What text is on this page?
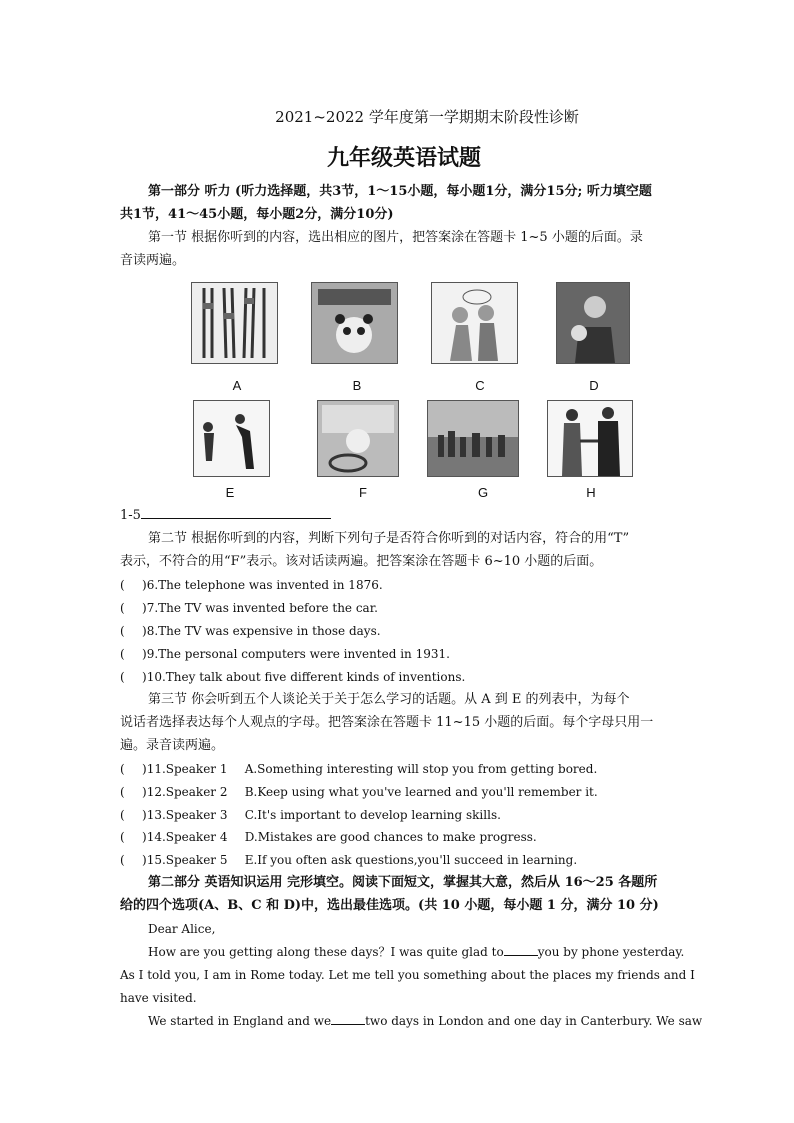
2021~2022 学年度第一学期期末阶段性诊断
九年级英语试题
第一部分 听力 (听力选择题，共3节，1～15小题，每小题1分，满分15分; 听力填空题
共1节，41～45小题，每小题2分，满分10分)
第一节 根据你听到的内容，选出相应的图片，把答案涂在答题卡 1~5 小题的后面。录
音读两遍。
A	B	C	D
E	F	G	H
1-5
第二节 根据你听到的内容，判断下列句子是否符合你听到的对话内容，符合的用“T”
表示，不符合的用“F”表示。该对话读两遍。把答案涂在答题卡 6~10 小题的后面。
( )6.The telephone was invented in 1876.
( )7.The TV was invented before the car.
( )8.The TV was expensive in those days.
( )9.The personal computers were invented in 1931.
( )10.They talk about five different kinds of inventions.
第三节 你会听到五个人谈论关于关于怎么学习的话题。从 A 到 E 的列表中，为每个
说话者选择表达每个人观点的字母。把答案涂在答题卡 11~15 小题的后面。每个字母只用一
遍。录音读两遍。
( )11.Speaker 1 A.Something interesting will stop you from getting bored.
( )12.Speaker 2 B.Keep using what you've learned and you'll remember it.
( )13.Speaker 3 C.It's important to develop learning skills.
( )14.Speaker 4 D.Mistakes are good chances to make progress.
( )15.Speaker 5 E.If you often ask questions,you'll succeed in learning.
第二部分 英语知识运用 完形填空。阅读下面短文，掌握其大意，然后从 16～25 各题所
给的四个选项(A、B、C 和 D)中，选出最佳选项。(共 10 小题，每小题 1 分，满分 10 分)
Dear Alice,
How are you getting along these days？I was quite glad to	you by phone yesterday.
As I told you, I am in Rome today. Let me tell you something about the places my friends and I
have visited.
We started in England and we	two days in London and one day in Canterbury. We saw
